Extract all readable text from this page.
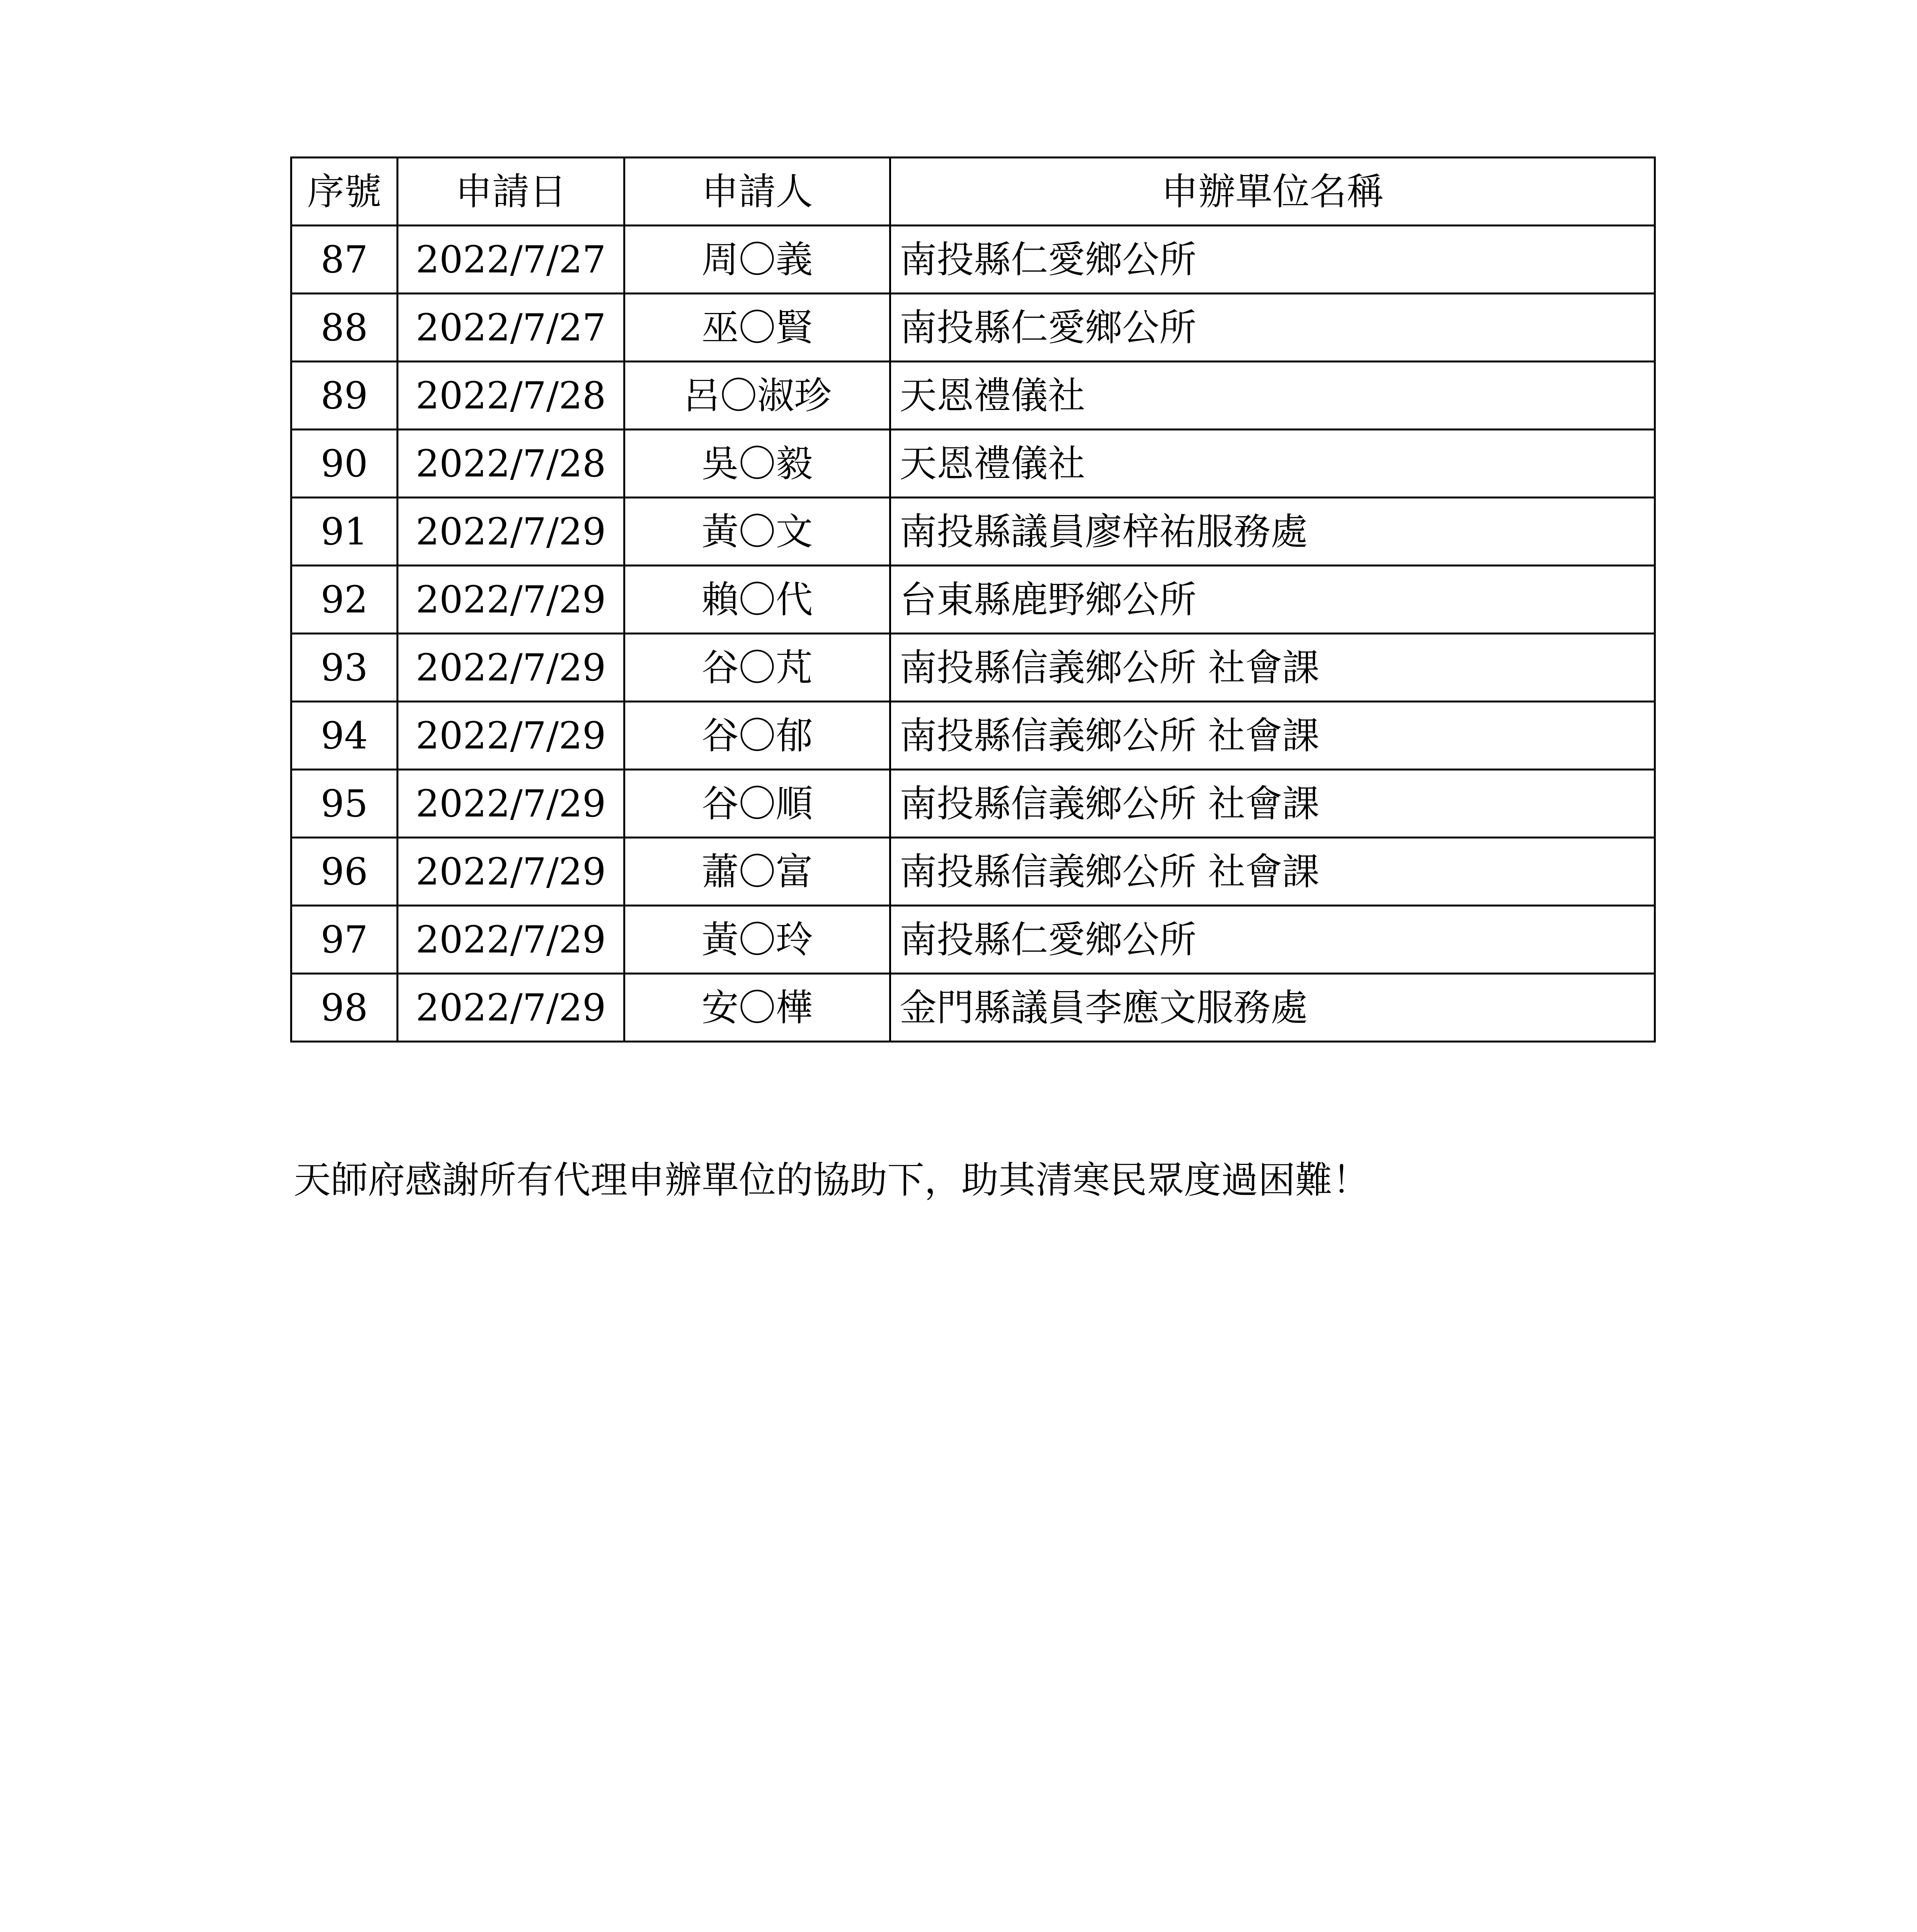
序號	申請日	申請人	申辦單位名稱
87	2022/7/27	周〇義	南投縣仁愛鄉公所
88	2022/7/27	巫〇賢	南投縣仁愛鄉公所
89	2022/7/28	呂〇淑珍	天恩禮儀社
90	2022/7/28	吳〇毅	天恩禮儀社
91	2022/7/29	黃〇文	南投縣議員廖梓祐服務處
92	2022/7/29	賴〇代	台東縣鹿野鄉公所
93	2022/7/29	谷〇芃	南投縣信義鄉公所 社會課
94	2022/7/29	谷〇郁	南投縣信義鄉公所 社會課
95	2022/7/29	谷〇順	南投縣信義鄉公所 社會課
96	2022/7/29	蕭〇富	南投縣信義鄉公所 社會課
97	2022/7/29	黃〇玲	南投縣仁愛鄉公所
98	2022/7/29	安〇樺	金門縣議員李應文服務處
天師府感謝所有代理申辦單位的協助下，助其清寒民眾度過困難！
